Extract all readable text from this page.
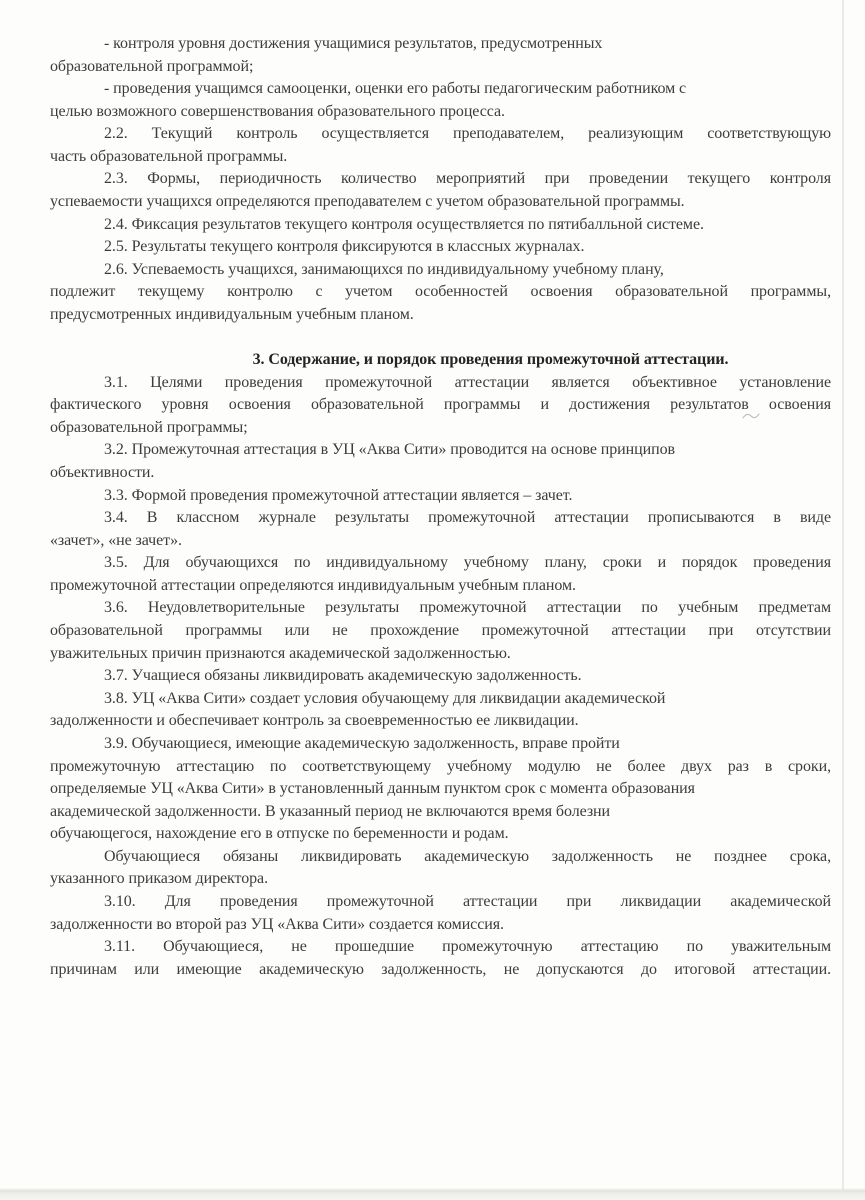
- контроля уровня достижения учащимися результатов, предусмотренных
образовательной программой;
- проведения учащимся самооценки, оценки его работы педагогическим работником с
целью возможного совершенствования образовательного процесса.
2.2. Текущий контроль осуществляется преподавателем, реализующим соответствующую
часть образовательной программы.
2.3. Формы, периодичность количество мероприятий при проведении текущего контроля
успеваемости учащихся определяются преподавателем с учетом образовательной программы.
2.4. Фиксация результатов текущего контроля осуществляется по пятибалльной системе.
2.5. Результаты текущего контроля фиксируются в классных журналах.
2.6. Успеваемость учащихся, занимающихся по индивидуальному учебному плану,
подлежит текущему контролю с учетом особенностей освоения образовательной программы,
предусмотренных индивидуальным учебным планом.
3. Содержание, и порядок проведения промежуточной аттестации.
3.1. Целями проведения промежуточной аттестации является объективное установление
фактического уровня освоения образовательной программы и достижения результатов освоения
образовательной программы;
3.2. Промежуточная аттестация в УЦ «Аква Сити» проводится на основе принципов
объективности.
3.3. Формой проведения промежуточной аттестации является – зачет.
3.4. В классном журнале результаты промежуточной аттестации прописываются в виде
«зачет», «не зачет».
3.5. Для обучающихся по индивидуальному учебному плану, сроки и порядок проведения
промежуточной аттестации определяются индивидуальным учебным планом.
3.6. Неудовлетворительные результаты промежуточной аттестации по учебным предметам
образовательной программы или не прохождение промежуточной аттестации при отсутствии
уважительных причин признаются академической задолженностью.
3.7. Учащиеся обязаны ликвидировать академическую задолженность.
3.8. УЦ «Аква Сити» создает условия обучающему для ликвидации академической
задолженности и обеспечивает контроль за своевременностью ее ликвидации.
3.9. Обучающиеся, имеющие академическую задолженность, вправе пройти
промежуточную аттестацию по соответствующему учебному модулю не более двух раз в сроки,
определяемые УЦ «Аква Сити» в установленный данным пунктом срок с момента образования
академической задолженности. В указанный период не включаются время болезни
обучающегося, нахождение его в отпуске по беременности и родам.
Обучающиеся обязаны ликвидировать академическую задолженность не позднее срока,
указанного приказом директора.
3.10. Для проведения промежуточной аттестации при ликвидации академической
задолженности во второй раз УЦ «Аква Сити» создается комиссия.
3.11. Обучающиеся, не прошедшие промежуточную аттестацию по уважительным
причинам или имеющие академическую задолженность, не допускаются до итоговой аттестации.
